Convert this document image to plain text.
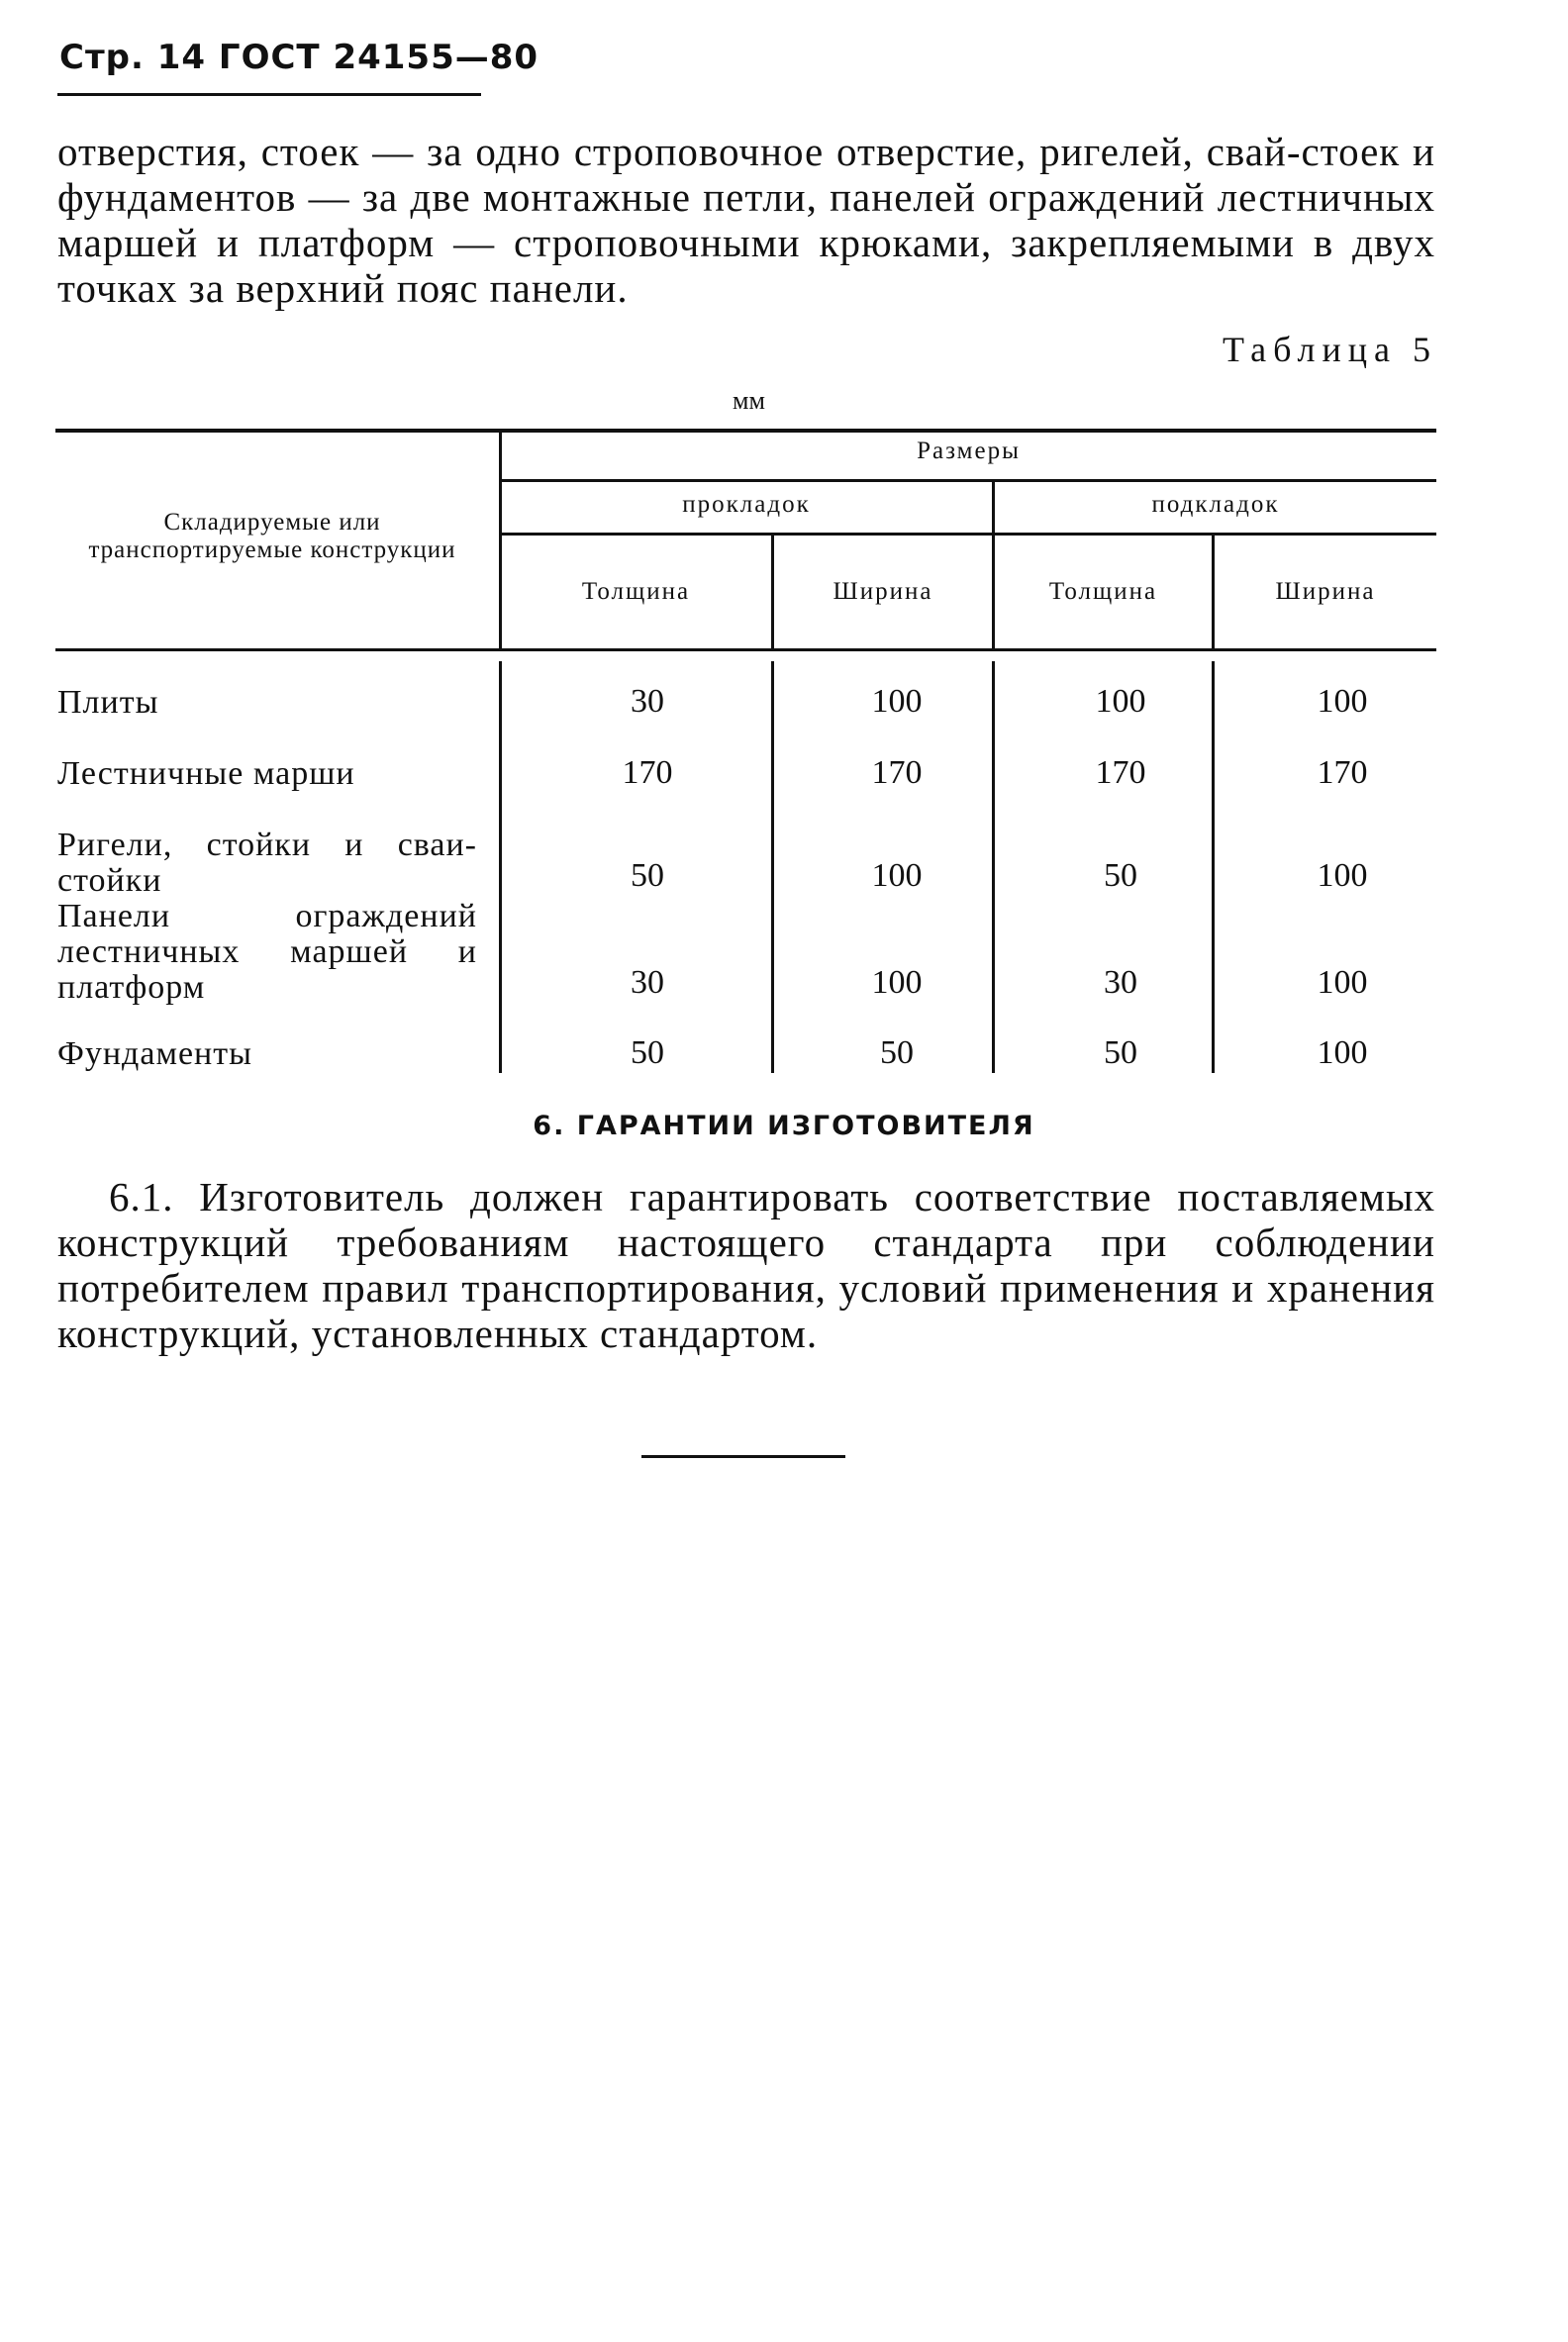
Стр. 14 ГОСТ 24155—80
отверстия, стоек — за одно строповочное отверстие, ригелей, свай-стоек и фундаментов — за две монтажные петли, панелей ограждений лестничных маршей и платформ — строповочными крюками, закрепляемыми в двух точках за верхний пояс панели.
Таблица 5
мм
Складируемые или транспортируемые конструкции
Размеры
прокладок	подкладок
Толщина	Ширина	Толщина	Ширина
Плиты	30	100	100	100
Лестничные марши	170	170	170	170
Ригели, стойки и сваи-стойки	50	100	50	100
Панели ограждений лестничных маршей и платформ	30	100	30	100
Фундаменты	50	50	50	100
6. ГАРАНТИИ ИЗГОТОВИТЕЛЯ
6.1. Изготовитель должен гарантировать соответствие поставляемых конструкций требованиям настоящего стандарта при соблюдении потребителем правил транспортирования, условий применения и хранения конструкций, установленных стандартом.
